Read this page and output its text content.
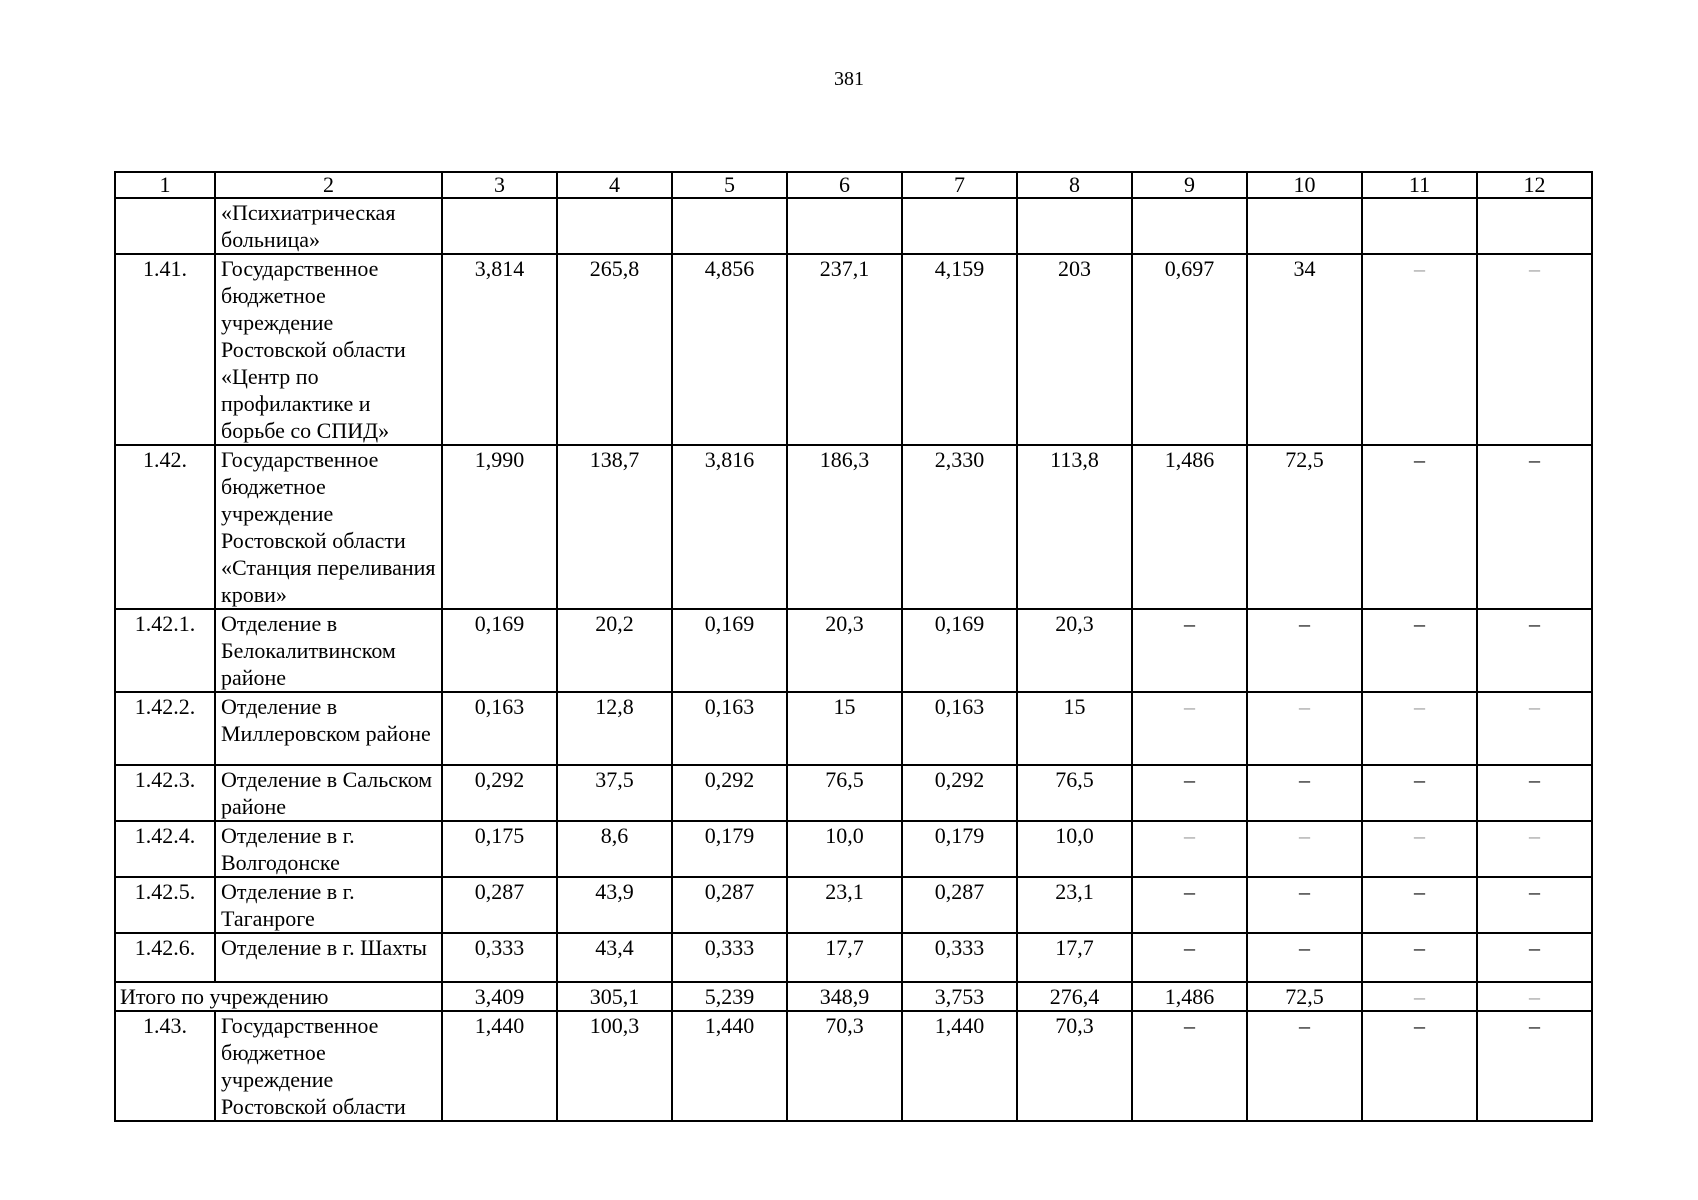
381
1	2	3	4	5	6	7	8	9	10	11	12
	«Психиатрическая больница»										
1.41.	Государственное бюджетное учреждение Ростовской области «Центр по профилактике и борьбе со СПИД»	3,814	265,8	4,856	237,1	4,159	203	0,697	34	–	–
1.42.	Государственное бюджетное учреждение Ростовской области «Станция переливания крови»	1,990	138,7	3,816	186,3	2,330	113,8	1,486	72,5	–	–
1.42.1.	Отделение в Белокалитвинском районе	0,169	20,2	0,169	20,3	0,169	20,3	–	–	–	–
1.42.2.	Отделение в Миллеровском районе	0,163	12,8	0,163	15	0,163	15	–	–	–	–
1.42.3.	Отделение в Сальском районе	0,292	37,5	0,292	76,5	0,292	76,5	–	–	–	–
1.42.4.	Отделение в г. Волгодонске	0,175	8,6	0,179	10,0	0,179	10,0	–	–	–	–
1.42.5.	Отделение в г. Таганроге	0,287	43,9	0,287	23,1	0,287	23,1	–	–	–	–
1.42.6.	Отделение в г. Шахты	0,333	43,4	0,333	17,7	0,333	17,7	–	–	–	–
Итого по учреждению		3,409	305,1	5,239	348,9	3,753	276,4	1,486	72,5	–	–
1.43.	Государственное бюджетное учреждение Ростовской области	1,440	100,3	1,440	70,3	1,440	70,3	–	–	–	–
